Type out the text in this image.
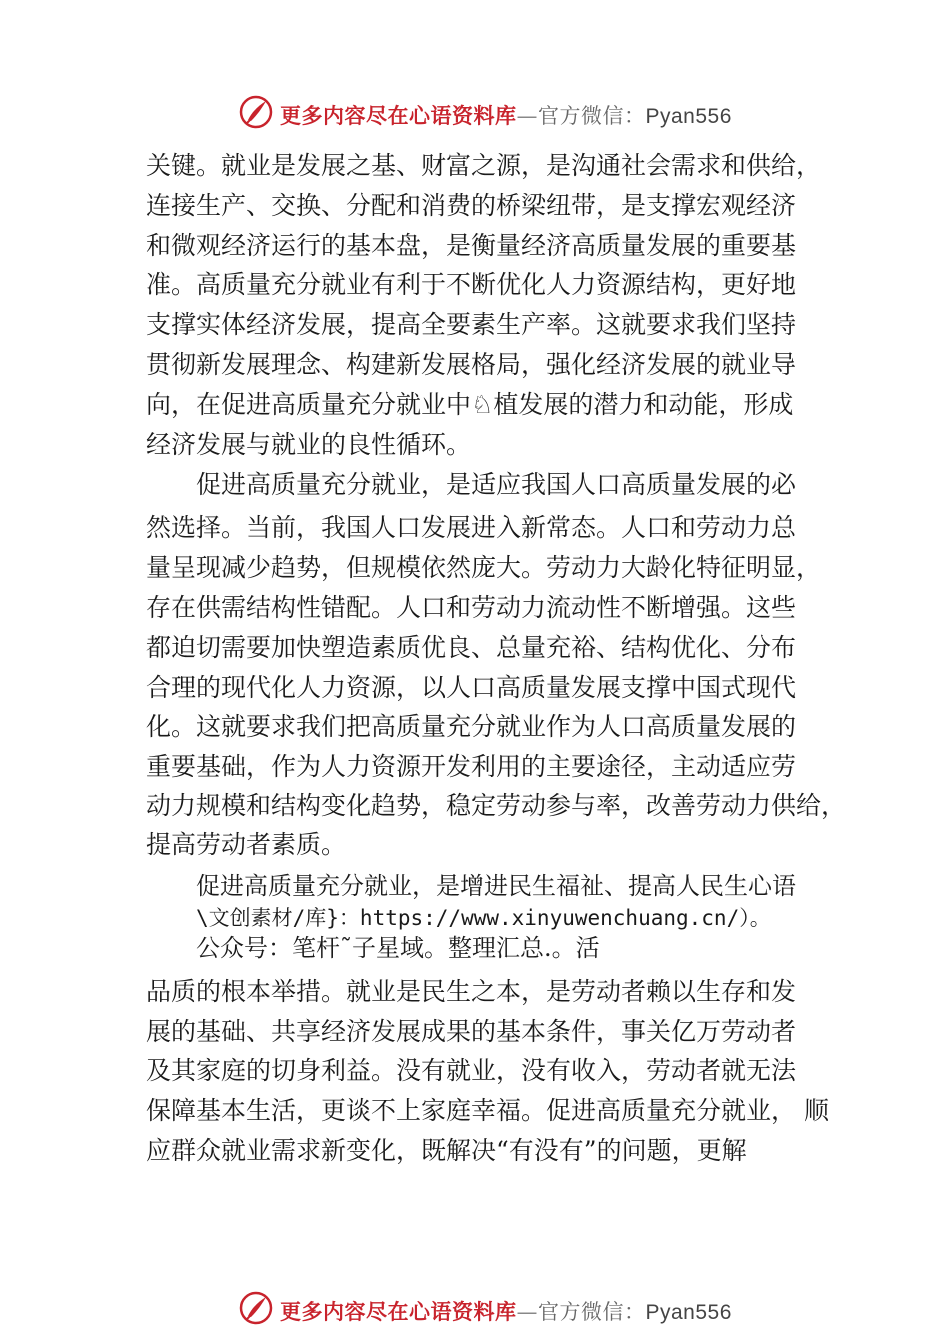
更多内容尽在心语资料库—官方微信：Pyan556
关键。就业是发展之基、财富之源，是沟通社会需求和供给，
连接生产、交换、分配和消费的桥梁纽带，是支撑宏观经济
和微观经济运行的基本盘，是衡量经济高质量发展的重要基
准。高质量充分就业有利于不断优化人力资源结构，更好地
支撑实体经济发展，提高全要素生产率。这就要求我们坚持
贯彻新发展理念、构建新发展格局，强化经济发展的就业导
向，在促进高质量充分就业中♘植发展的潜力和动能，形成
经济发展与就业的良性循环。
促进高质量充分就业，是适应我国人口高质量发展的必
然选择。当前，我国人口发展进入新常态。人口和劳动力总
量呈现减少趋势，但规模依然庞大。劳动力大龄化特征明显，
存在供需结构性错配。人口和劳动力流动性不断增强。这些
都迫切需要加快塑造素质优良、总量充裕、结构优化、分布
合理的现代化人力资源，以人口高质量发展支撑中国式现代
化。这就要求我们把高质量充分就业作为人口高质量发展的
重要基础，作为人力资源开发利用的主要途径，主动适应劳
动力规模和结构变化趋势，稳定劳动参与率，改善劳动力供给，
提高劳动者素质。
促进高质量充分就业，是增进民生福祉、提高人民生心语
\文创素材/库}：https://www.xinyuwenchuang.cn/）。
公众号：笔杆˜子星域。整理汇总.。活
品质的根本举措。就业是民生之本，是劳动者赖以生存和发
展的基础、共享经济发展成果的基本条件，事关亿万劳动者
及其家庭的切身利益。没有就业，没有收入，劳动者就无法
保障基本生活，更谈不上家庭幸福。促进高质量充分就业， 顺
应群众就业需求新变化，既解决“有没有”的问题，更解
更多内容尽在心语资料库—官方微信：Pyan556
